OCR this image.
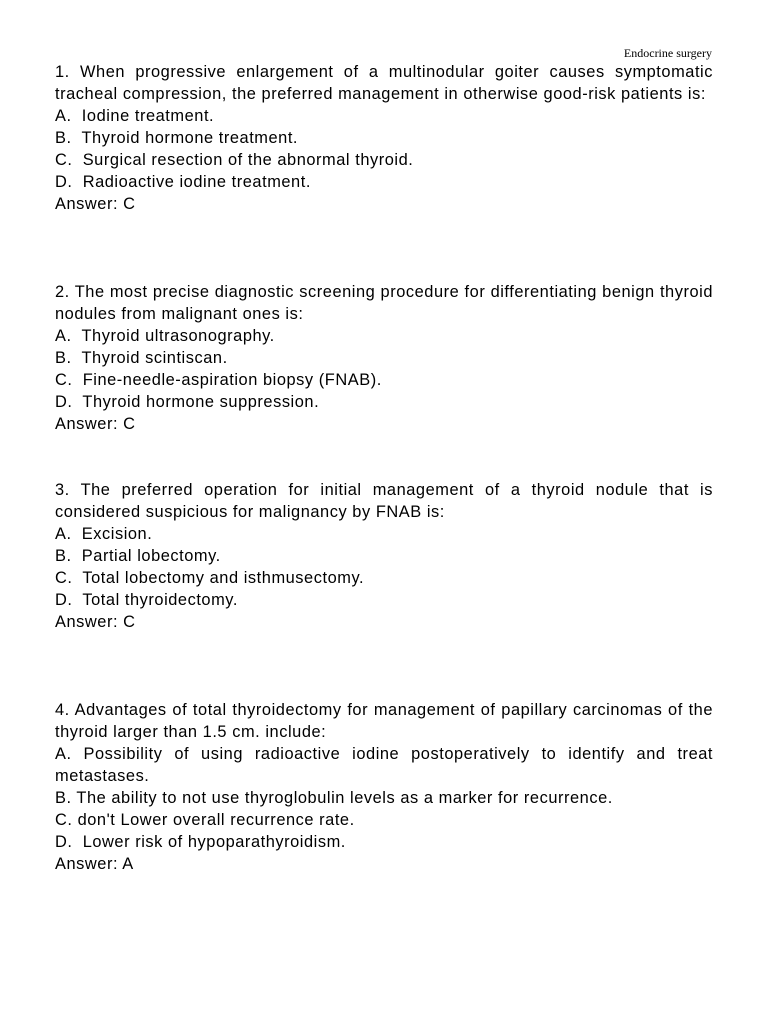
Endocrine surgery

1. When progressive enlargement of a multinodular goiter causes symptomatic tracheal compression, the preferred management in otherwise good-risk patients is:

A.  Iodine treatment.

B.  Thyroid hormone treatment.

C.  Surgical resection of the abnormal thyroid.

D.  Radioactive iodine treatment.

Answer: C

2. The most precise diagnostic screening procedure for differentiating benign thyroid nodules from malignant ones is:

A.  Thyroid ultrasonography.

B.  Thyroid scintiscan.

C.  Fine-needle-aspiration biopsy (FNAB).

D.  Thyroid hormone suppression.

Answer: C

3. The preferred operation for initial management of a thyroid nodule that is considered suspicious for malignancy by FNAB is:

A.  Excision.

B.  Partial lobectomy.

C.  Total lobectomy and isthmusectomy.

D.  Total thyroidectomy.

Answer: C

4. Advantages of total thyroidectomy for management of papillary carcinomas of the thyroid larger than 1.5 cm. include:

A. Possibility of using radioactive iodine postoperatively to identify and treat metastases.

B. The ability to not use thyroglobulin levels as a marker for recurrence.

C. don't Lower overall recurrence rate.

D.  Lower risk of hypoparathyroidism.

Answer: A
